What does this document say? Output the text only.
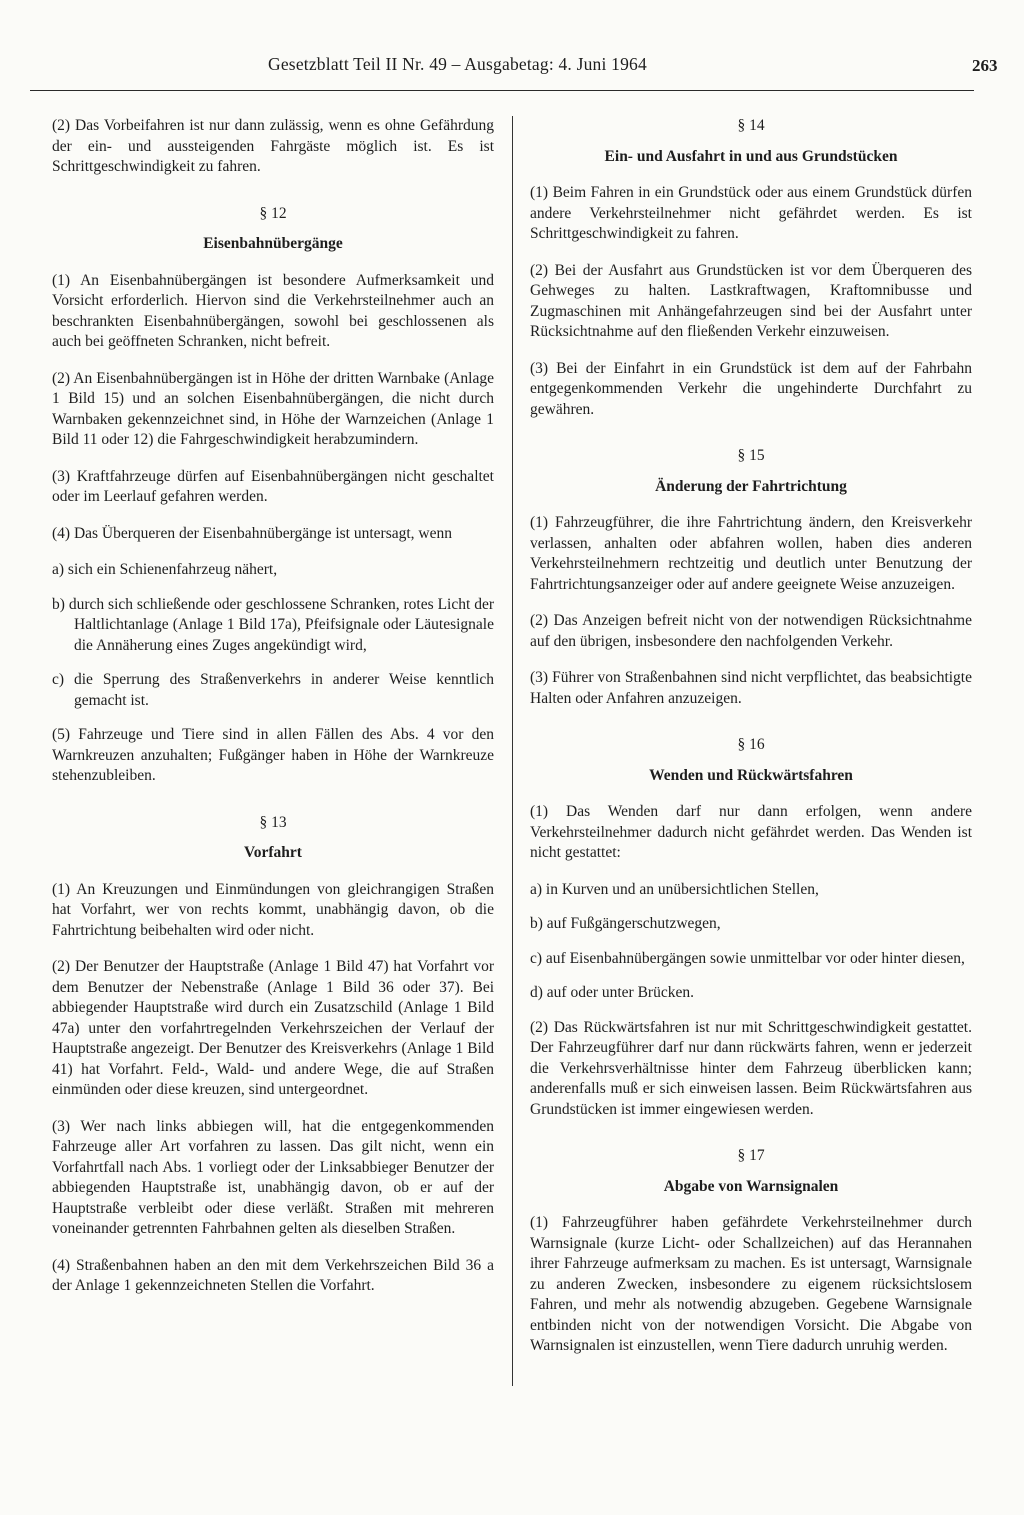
Gesetzblatt Teil II Nr. 49 – Ausgabetag: 4. Juni 1964	263

(2) Das Vorbeifahren ist nur dann zulässig, wenn es ohne Gefährdung der ein- und aussteigenden Fahrgäste möglich ist. Es ist Schrittgeschwindigkeit zu fahren.

§ 12
Eisenbahnübergänge

(1) An Eisenbahnübergängen ist besondere Aufmerksamkeit und Vorsicht erforderlich. Hiervon sind die Verkehrsteilnehmer auch an beschrankten Eisenbahnübergängen, sowohl bei geschlossenen als auch bei geöffneten Schranken, nicht befreit.

(2) An Eisenbahnübergängen ist in Höhe der dritten Warnbake (Anlage 1 Bild 15) und an solchen Eisenbahnübergängen, die nicht durch Warnbaken gekennzeichnet sind, in Höhe der Warnzeichen (Anlage 1 Bild 11 oder 12) die Fahrgeschwindigkeit herabzumindern.

(3) Kraftfahrzeuge dürfen auf Eisenbahnübergängen nicht geschaltet oder im Leerlauf gefahren werden.

(4) Das Überqueren der Eisenbahnübergänge ist untersagt, wenn

a) sich ein Schienenfahrzeug nähert,
b) durch sich schließende oder geschlossene Schranken, rotes Licht der Haltlichtanlage (Anlage 1 Bild 17a), Pfeifsignale oder Läutesignale die Annäherung eines Zuges angekündigt wird,
c) die Sperrung des Straßenverkehrs in anderer Weise kenntlich gemacht ist.

(5) Fahrzeuge und Tiere sind in allen Fällen des Abs. 4 vor den Warnkreuzen anzuhalten; Fußgänger haben in Höhe der Warnkreuze stehenzubleiben.

§ 13
Vorfahrt

(1) An Kreuzungen und Einmündungen von gleichrangigen Straßen hat Vorfahrt, wer von rechts kommt, unabhängig davon, ob die Fahrtrichtung beibehalten wird oder nicht.

(2) Der Benutzer der Hauptstraße (Anlage 1 Bild 47) hat Vorfahrt vor dem Benutzer der Nebenstraße (Anlage 1 Bild 36 oder 37). Bei abbiegender Hauptstraße wird durch ein Zusatzschild (Anlage 1 Bild 47a) unter den vorfahrtregelnden Verkehrszeichen der Verlauf der Hauptstraße angezeigt. Der Benutzer des Kreisverkehrs (Anlage 1 Bild 41) hat Vorfahrt. Feld-, Wald- und andere Wege, die auf Straßen einmünden oder diese kreuzen, sind untergeordnet.

(3) Wer nach links abbiegen will, hat die entgegenkommenden Fahrzeuge aller Art vorfahren zu lassen. Das gilt nicht, wenn ein Vorfahrtfall nach Abs. 1 vorliegt oder der Linksabbieger Benutzer der abbiegenden Hauptstraße ist, unabhängig davon, ob er auf der Hauptstraße verbleibt oder diese verläßt. Straßen mit mehreren voneinander getrennten Fahrbahnen gelten als dieselben Straßen.

(4) Straßenbahnen haben an den mit dem Verkehrszeichen Bild 36 a der Anlage 1 gekennzeichneten Stellen die Vorfahrt.

§ 14
Ein- und Ausfahrt in und aus Grundstücken

(1) Beim Fahren in ein Grundstück oder aus einem Grundstück dürfen andere Verkehrsteilnehmer nicht gefährdet werden. Es ist Schrittgeschwindigkeit zu fahren.

(2) Bei der Ausfahrt aus Grundstücken ist vor dem Überqueren des Gehweges zu halten. Lastkraftwagen, Kraftomnibusse und Zugmaschinen mit Anhängefahrzeugen sind bei der Ausfahrt unter Rücksichtnahme auf den fließenden Verkehr einzuweisen.

(3) Bei der Einfahrt in ein Grundstück ist dem auf der Fahrbahn entgegenkommenden Verkehr die ungehinderte Durchfahrt zu gewähren.

§ 15
Änderung der Fahrtrichtung

(1) Fahrzeugführer, die ihre Fahrtrichtung ändern, den Kreisverkehr verlassen, anhalten oder abfahren wollen, haben dies anderen Verkehrsteilnehmern rechtzeitig und deutlich unter Benutzung der Fahrtrichtungsanzeiger oder auf andere geeignete Weise anzuzeigen.

(2) Das Anzeigen befreit nicht von der notwendigen Rücksichtnahme auf den übrigen, insbesondere den nachfolgenden Verkehr.

(3) Führer von Straßenbahnen sind nicht verpflichtet, das beabsichtigte Halten oder Anfahren anzuzeigen.

§ 16
Wenden und Rückwärtsfahren

(1) Das Wenden darf nur dann erfolgen, wenn andere Verkehrsteilnehmer dadurch nicht gefährdet werden. Das Wenden ist nicht gestattet:

a) in Kurven und an unübersichtlichen Stellen,
b) auf Fußgängerschutzwegen,
c) auf Eisenbahnübergängen sowie unmittelbar vor oder hinter diesen,
d) auf oder unter Brücken.

(2) Das Rückwärtsfahren ist nur mit Schrittgeschwindigkeit gestattet. Der Fahrzeugführer darf nur dann rückwärts fahren, wenn er jederzeit die Verkehrsverhältnisse hinter dem Fahrzeug überblicken kann; anderenfalls muß er sich einweisen lassen. Beim Rückwärtsfahren aus Grundstücken ist immer eingewiesen werden.

§ 17
Abgabe von Warnsignalen

(1) Fahrzeugführer haben gefährdete Verkehrsteilnehmer durch Warnsignale (kurze Licht- oder Schallzeichen) auf das Herannahen ihrer Fahrzeuge aufmerksam zu machen. Es ist untersagt, Warnsignale zu anderen Zwecken, insbesondere zu eigenem rücksichtslosem Fahren, und mehr als notwendig abzugeben. Gegebene Warnsignale entbinden nicht von der notwendigen Vorsicht. Die Abgabe von Warnsignalen ist einzustellen, wenn Tiere dadurch unruhig werden.
